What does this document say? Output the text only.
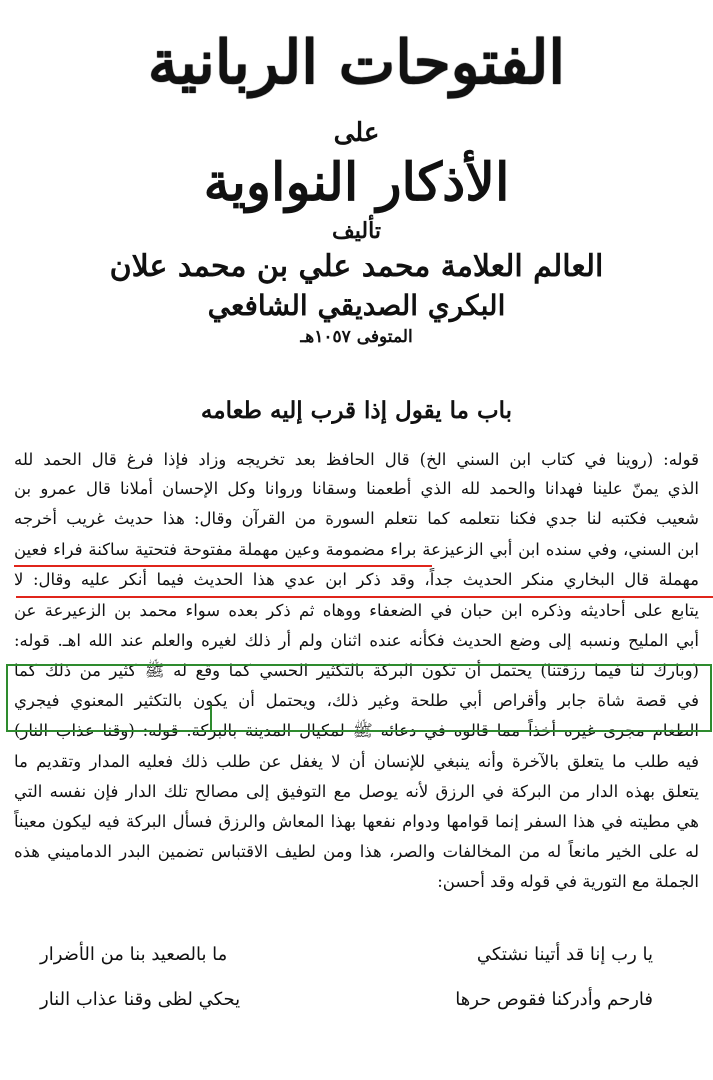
الفتوحات الربانية
على
الأذكار النواوية
تأليف
العالم العلامة محمد علي بن محمد علان
البكري الصديقي الشافعي
المتوفى ١٠٥٧هـ
باب ما يقول إذا قرب إليه طعامه
قوله: (روينا في كتاب ابن السني الخ) قال الحافظ بعد تخريجه وزاد فإذا فرغ قال الحمد لله
الذي يمنّ علينا فهدانا والحمد لله الذي أطعمنا وسقانا وروانا وكل الإحسان أملانا قال عمرو بن
شعيب فكتبه لنا جدي فكنا نتعلمه كما نتعلم السورة من القرآن وقال: هذا حديث غريب أخرجه
ابن السني، وفي سنده ابن أبي الزعيزعة براء مضمومة وعين مهملة مفتوحة فتحتية ساكنة فراء فعين
مهملة قال البخاري منكر الحديث جداً، وقد ذكر ابن عدي هذا الحديث فيما أنكر عليه وقال: لا
يتابع على أحاديثه وذكره ابن حبان في الضعفاء ووهاه ثم ذكر بعده سواء محمد بن الزعيرعة عن
أبي المليح ونسبه إلى وضع الحديث فكأنه عنده اثنان ولم أر ذلك لغيره والعلم عند الله اهـ. قوله:
(وبارك لنا فيما رزقتنا) يحتمل أن تكون البركة بالتكثير الحسي كما وقع له ﷺ كثير من ذلك كما
في قصة شاة جابر وأقراص أبي طلحة وغير ذلك، ويحتمل أن يكون بالتكثير المعنوي فيجري
الطعام مجرى غيره أخذاً مما قالوه في دعائه ﷺ لمكيال المدينة بالبركة. قوله: (وقنا عذاب النار)
فيه طلب ما يتعلق بالآخرة وأنه ينبغي للإنسان أن لا يغفل عن طلب ذلك فعليه المدار وتقديم ما
يتعلق بهذه الدار من البركة في الرزق لأنه يوصل مع التوفيق إلى مصالح تلك الدار فإن نفسه التي
هي مطيته في هذا السفر إنما قوامها ودوام نفعها بهذا المعاش والرزق فسأل البركة فيه ليكون معيناً
له على الخير مانعاً له من المخالفات والصر، هذا ومن لطيف الاقتباس تضمين البدر الدماميني هذه
الجملة مع التورية في قوله وقد أحسن:
يا رب إنا قد أتينا نشتكي
ما بالصعيد بنا من الأضرار
فارحم وأدركنا فقوص حرها
يحكي لظى وقنا عذاب النار
